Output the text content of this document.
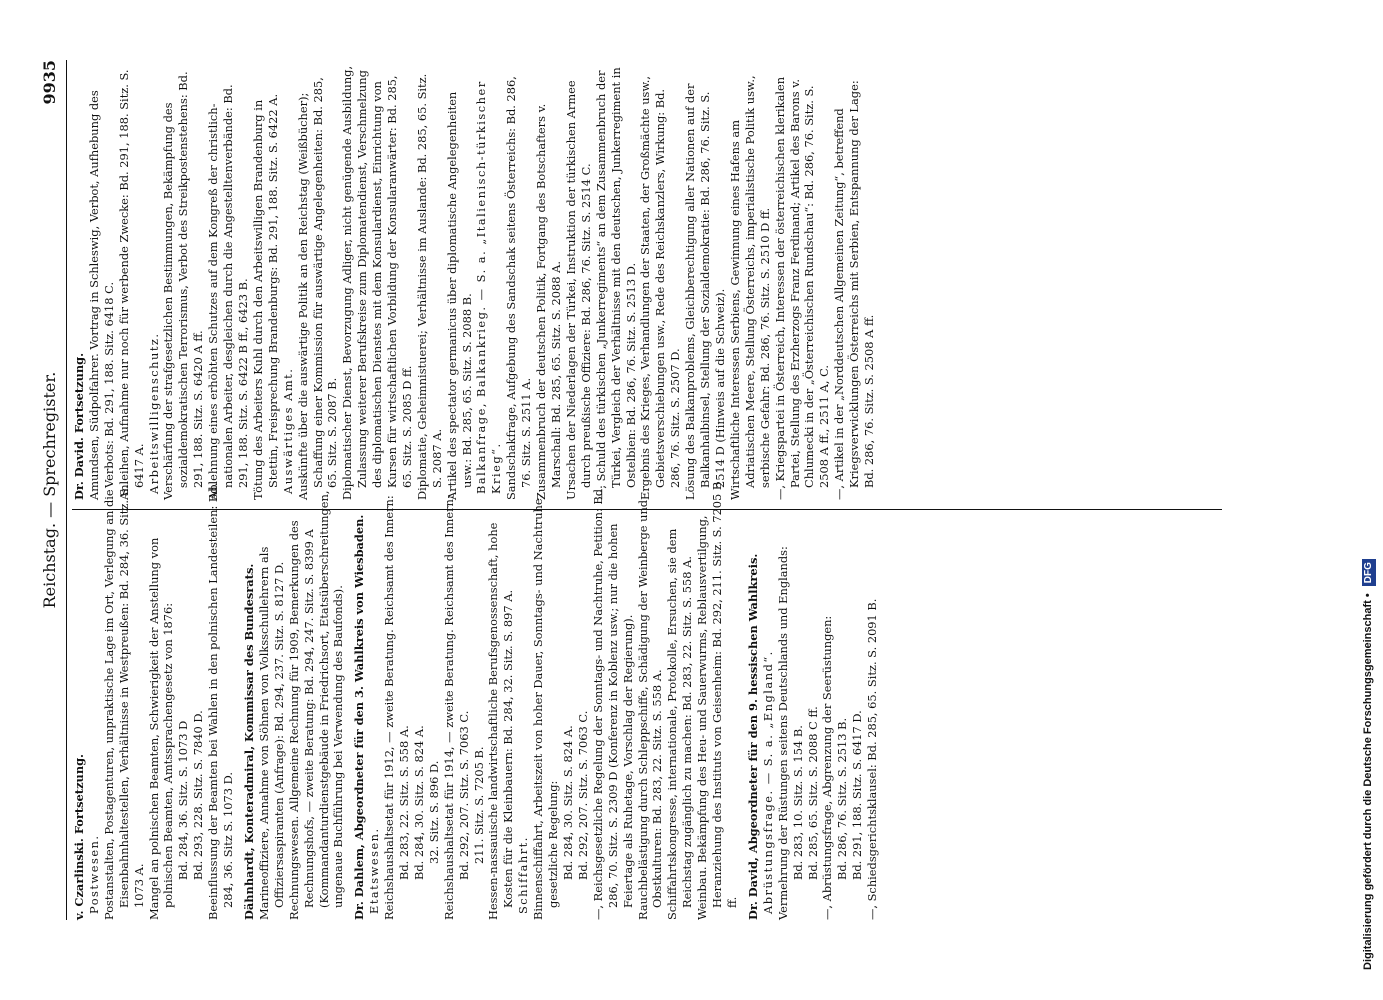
Reichstag. — Sprechregister.
9935

v. Czarlinski. Fortsetzung. Postwesen. Postanstalten, Postagenturen, unpraktische Lage im Ort, Verlegung an die Eisenbahnhaltestellen, Verhältnisse in Westpreußen: Bd. 284, 36. Sitz. S. 1073 A. Mangel an polnischen Beamten, Schwierigkeit der Anstellung von polnischen Beamten, Amtssprachengesetz von 1876: Bd. 284, 36. Sitz. S. 1073 D Bd. 293, 228. Sitz. S. 7840 D. Beeinflussung der Beamten bei Wahlen in den polnischen Landesteilen: Bd. 284, 36. Sitz S. 1073 D. Dähnhardt, Konteradmiral, Kommissar des Bundesrats. Marineoffiziere, Annahme von Söhnen von Volksschullehrern als Offiziersaspiranten (Anfrage): Bd. 294, 237. Sitz. S. 8127 D. Rechnungswesen. Allgemeine Rechnung für 1909, Bemerkungen des Rechnungshofs, — zweite Beratung: Bd. 294, 247. Sitz. S. 8399 A (Kommandanturdienstgebäude in Friedrichsort, Etatsüberschreitungen, ungenaue Buchführung bei Verwendung des Baufonds). Dr. Dahlem, Abgeordneter für den 3. Wahlkreis von Wiesbaden. Etatswesen. Reichshaushaltsetat für 1912, — zweite Beratung. Reichsamt des Innern: Bd. 283, 22. Sitz. S. 558 A. Bd. 284, 30. Sitz. S. 824 A. 32. Sitz. S. 896 D. Reichshaushaltsetat für 1914, — zweite Beratung. Reichsamt des Innern: Bd. 292, 207. Sitz. S. 7063 C. 211. Sitz. S. 7205 B. Hessen-nassauische landwirtschaftliche Berufsgenossenschaft, hohe Kosten für die Kleinbauern: Bd. 284, 32. Sitz. S. 897 A. Schiffahrt. Binnenschiffahrt, Arbeitszeit von hoher Dauer, Sonntags- und Nachtruhe, gesetzliche Regelung: Bd. 284, 30. Sitz. S. 824 A. Bd. 292, 207. Sitz. S. 7063 C. —, Reichsgesetzliche Regelung der Sonntags- und Nachtruhe, Petition: Bd. 286, 70. Sitz. S. 2309 D (Konferenz in Koblenz usw.; nur die hohen Feiertage als Ruhetage, Vorschlag der Regierung). Rauchbelästigung durch Schleppschiffe, Schädigung der Weinberge und Obstkulturen: Bd. 283, 22. Sitz. S. 558 A. Schiffahrtskongresse, internationale, Protokolle, Ersuchen, sie dem Reichstag zugänglich zu machen: Bd. 283, 22. Sitz. S. 558 A. Weinbau. Bekämpfung des Heu- und Sauerwurms, Reblausvertilgung, Heranziehung des Instituts von Geisenheim: Bd. 292, 211. Sitz. S. 7205 B ff. Dr. David, Abgeordneter für den 9. hessischen Wahlkreis. Abrüstungsfrage. — S. a. „England“. Vermehrung der Rüstungen seitens Deutschlands und Englands: Bd. 283, 10. Sitz. S. 154 B. Bd. 285, 65. Sitz. S. 2088 C ff. —, Abrüstungsfrage, Abgrenzung der Seerüstungen: Bd. 286, 76. Sitz. S. 2513 B. Bd. 291, 188. Sitz. S. 6417 D. —, Schiedsgerichtsklausel: Bd. 285, 65. Sitz. S. 2091 B.

Dr. David. Fortsetzung. Amundsen, Südpolfahrer. Vortrag in Schleswig, Verbot, Aufhebung des Verbots: Bd. 291, 188. Sitz. 6418 C. Anleihen, Aufnahme nur noch für werbende Zwecke: Bd. 291, 188. Sitz. S. 6417 A. Arbeitswilligenschutz. Verschärfung der strafgesetzlichen Bestimmungen, Bekämpfung des sozialdemokratischen Terrorismus, Verbot des Streikpostenstehens: Bd. 291, 188. Sitz. S. 6420 A ff. Ablehnung eines erhöhten Schutzes auf dem Kongreß der christlich-nationalen Arbeiter, desgleichen durch die Angestelltenverbände: Bd. 291, 188. Sitz. S. 6422 B ff., 6423 B. Tötung des Arbeiters Kuhl durch den Arbeitswilligen Brandenburg in Stettin, Freisprechung Brandenburgs: Bd. 291, 188. Sitz. S. 6422 A. Auswärtiges Amt. Auskünfte über die auswärtige Politik an den Reichstag (Weißbücher); Schaffung einer Kommission für auswärtige Angelegenheiten: Bd. 285, 65. Sitz. S. 2087 B. Diplomatischer Dienst, Bevorzugung Adliger, nicht genügende Ausbildung, Zulassung weiterer Berufskreise zum Diplomatendienst, Verschmelzung des diplomatischen Dienstes mit dem Konsulardienst, Einrichtung von Kursen für wirtschaftlichen Vorbildung der Konsularanwärter: Bd. 285, 65. Sitz. S. 2085 D ff. Diplomatie, Geheimnistuerei; Verhältnisse im Auslande: Bd. 285, 65. Sitz. S. 2087 A. Artikel des spectator germanicus über diplomatische Angelegenheiten usw.: Bd. 285, 65. Sitz. S. 2088 B. Balkanfrage, Balkankrieg. — S. a. „Italienisch-türkischer Krieg“. Sandschakfrage, Aufgebung des Sandschak seitens Österreichs: Bd. 286, 76. Sitz. S. 2511 A. Zusammenbruch der deutschen Politik, Fortgang des Botschafters v. Marschall: Bd. 285, 65. Sitz. S. 2088 A. Ursachen der Niederlagen der Türkei, Instruktion der türkischen Armee durch preußische Offiziere: Bd. 286, 76. Sitz. S. 2514 C. —, Schuld des türkischen „Junkerregiments“ an dem Zusammenbruch der Türkei, Vergleich der Verhältnisse mit den deutschen, Junkerregiment in Ostelbien: Bd. 286, 76. Sitz. S. 2513 D. Ergebnis des Krieges, Verhandlungen der Staaten, der Großmächte usw., Gebietsverschiebungen usw., Rede des Reichskanzlers, Wirkung: Bd. 286, 76. Sitz. S. 2507 D. Lösung des Balkanproblems, Gleichberechtigung aller Nationen auf der Balkanhalbinsel, Stellung der Sozialdemokratie: Bd. 286, 76. Sitz. S. 2514 D (Hinweis auf die Schweiz). Wirtschaftliche Interessen Serbiens, Gewinnung eines Hafens am Adriatischen Meere, Stellung Österreichs, imperialistische Politik usw., serbische Gefahr: Bd. 286, 76. Sitz. S. 2510 D ff. —, Kriegspartei in Österreich, Interessen der österreichischen klerikalen Partei, Stellung des Erzherzogs Franz Ferdinand; Artikel des Barons v. Chlumecki in der „Österreichischen Rundschau“: Bd. 286, 76. Sitz. S. 2508 A ff., 2511 A, C. —, Artikel in der „Norddeutschen Allgemeinen Zeitung“, betreffend Kriegsverwicklungen Österreichs mit Serbien, Entspannung der Lage: Bd. 286, 76. Sitz. S. 2508 A ff.

Digitalisierung gefördert durch die Deutsche Forschungsgemeinschaft • DFG
